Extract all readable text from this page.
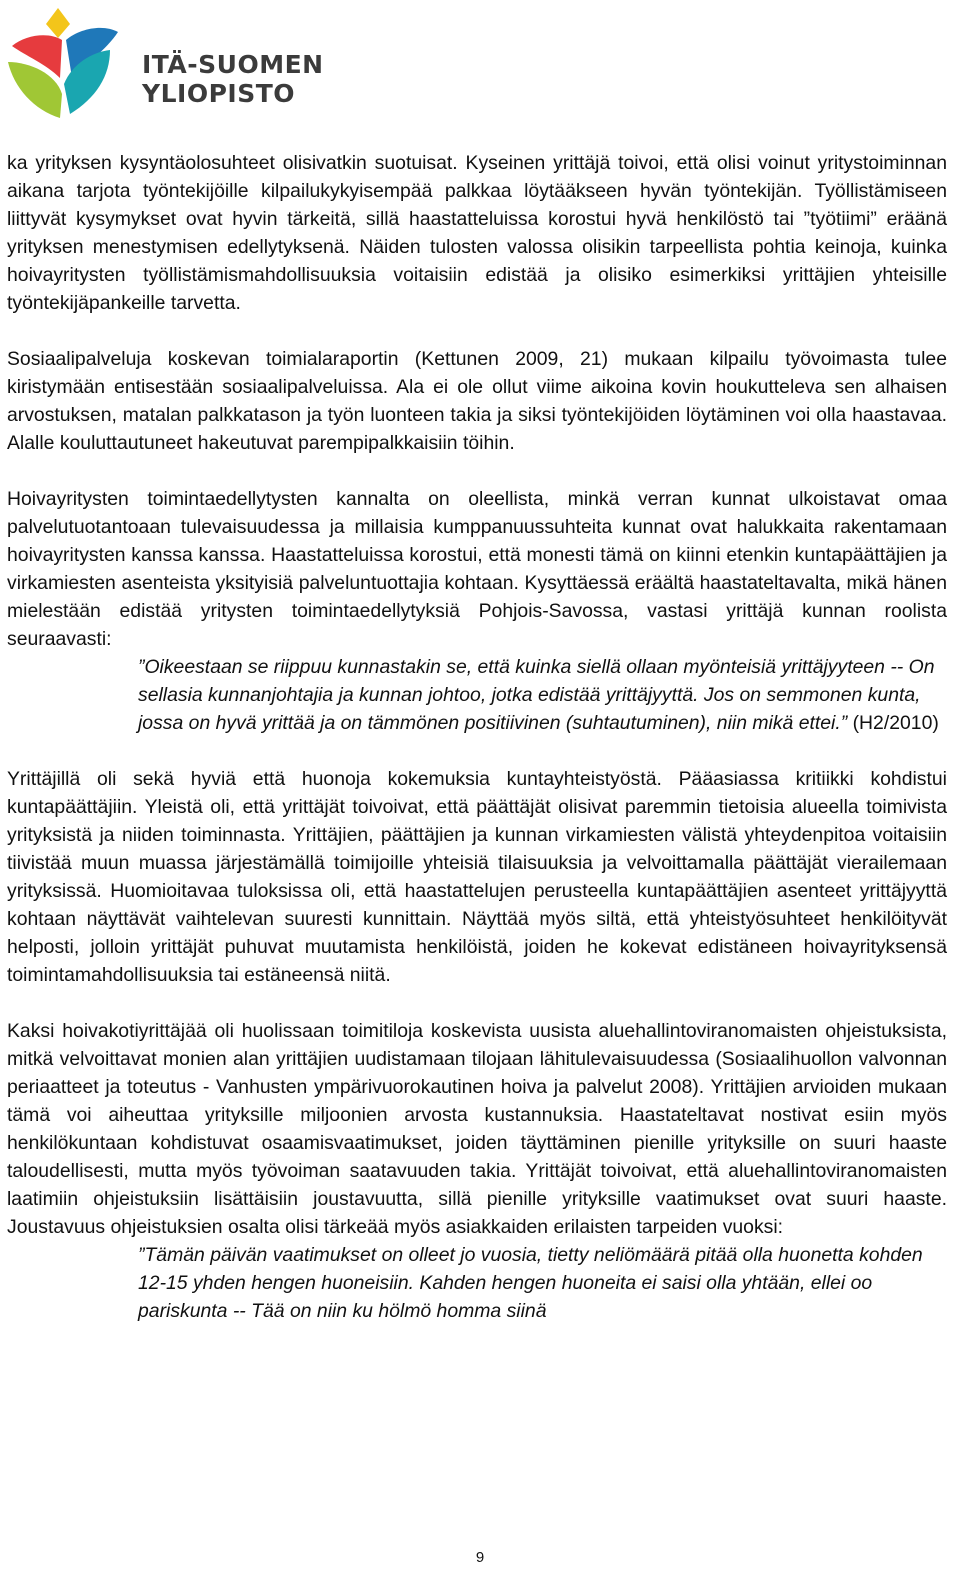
ITÄ-SUOMEN
YLIOPISTO

ka yrityksen kysyntäolosuhteet olisivatkin suotuisat. Kyseinen yrittäjä toivoi, että olisi voinut yritystoiminnan aikana tarjota työntekijöille kilpailukykyisempää palkkaa löytääkseen hyvän työntekijän. Työllistämiseen liittyvät kysymykset ovat hyvin tärkeitä, sillä haastatteluissa korostui hyvä henkilöstö tai ”työtiimi” eräänä yrityksen menestymisen edellytyksenä. Näiden tulosten valossa olisikin tarpeellista pohtia keinoja, kuinka hoivayritysten työllistämismahdollisuuksia voitaisiin edistää ja olisiko esimerkiksi yrittäjien yhteisille työntekijäpankeille tarvetta.

Sosiaalipalveluja koskevan toimialaraportin (Kettunen 2009, 21) mukaan kilpailu työvoimasta tulee kiristymään entisestään sosiaalipalveluissa. Ala ei ole ollut viime aikoina kovin houkutteleva sen alhaisen arvostuksen, matalan palkkatason ja työn luonteen takia ja siksi työntekijöiden löytäminen voi olla haastavaa. Alalle kouluttautuneet hakeutuvat parempipalkkaisiin töihin.

Hoivayritysten toimintaedellytysten kannalta on oleellista, minkä verran kunnat ulkoistavat omaa palvelutuotantoaan tulevaisuudessa ja millaisia kumppanuussuhteita kunnat ovat halukkaita rakentamaan hoivayritysten kanssa kanssa. Haastatteluissa korostui, että monesti tämä on kiinni etenkin kuntapäättäjien ja virkamiesten asenteista yksityisiä palveluntuottajia kohtaan. Kysyttäessä eräältä haastateltavalta, mikä hänen mielestään edistää yritysten toimintaedellytyksiä Pohjois-Savossa, vastasi yrittäjä kunnan roolista seuraavasti:

”Oikeestaan se riippuu kunnastakin se, että kuinka siellä ollaan myönteisiä yrittäjyyteen -- On sellasia kunnanjohtajia ja kunnan johtoo, jotka edistää yrittäjyyttä. Jos on semmonen kunta, jossa on hyvä yrittää ja on tämmönen positiivinen (suhtautuminen), niin mikä ettei.” (H2/2010)

Yrittäjillä oli sekä hyviä että huonoja kokemuksia kuntayhteistyöstä. Pääasiassa kritiikki kohdistui kuntapäättäjiin. Yleistä oli, että yrittäjät toivoivat, että päättäjät olisivat paremmin tietoisia alueella toimivista yrityksistä ja niiden toiminnasta. Yrittäjien, päättäjien ja kunnan virkamiesten välistä yhteydenpitoa voitaisiin tiivistää muun muassa järjestämällä toimijoille yhteisiä tilaisuuksia ja velvoittamalla päättäjät vierailemaan yrityksissä. Huomioitavaa tuloksissa oli, että haastattelujen perusteella kuntapäättäjien asenteet yrittäjyyttä kohtaan näyttävät vaihtelevan suuresti kunnittain. Näyttää myös siltä, että yhteistyösuhteet henkilöityvät helposti, jolloin yrittäjät puhuvat muutamista henkilöistä, joiden he kokevat edistäneen hoivayrityksensä toimintamahdollisuuksia tai estäneensä niitä.

Kaksi hoivakotiyrittäjää oli huolissaan toimitiloja koskevista uusista aluehallintoviranomaisten ohjeistuksista, mitkä velvoittavat monien alan yrittäjien uudistamaan tilojaan lähitulevaisuudessa (Sosiaalihuollon valvonnan periaatteet ja toteutus - Vanhusten ympärivuorokautinen hoiva ja palvelut 2008). Yrittäjien arvioiden mukaan tämä voi aiheuttaa yrityksille miljoonien arvosta kustannuksia. Haastateltavat nostivat esiin myös henkilökuntaan kohdistuvat osaamisvaatimukset, joiden täyttäminen pienille yrityksille on suuri haaste taloudellisesti, mutta myös työvoiman saatavuuden takia. Yrittäjät toivoivat, että aluehallintoviranomaisten laatimiin ohjeistuksiin lisättäisiin joustavuutta, sillä pienille yrityksille vaatimukset ovat suuri haaste. Joustavuus ohjeistuksien osalta olisi tärkeää myös asiakkaiden erilaisten tarpeiden vuoksi:

”Tämän päivän vaatimukset on olleet jo vuosia, tietty neliömäärä pitää olla huonetta kohden 12-15 yhden hengen huoneisiin. Kahden hengen huoneita ei saisi olla yhtään, ellei oo pariskunta -- Tää on niin ku hölmö homma siinä

9
